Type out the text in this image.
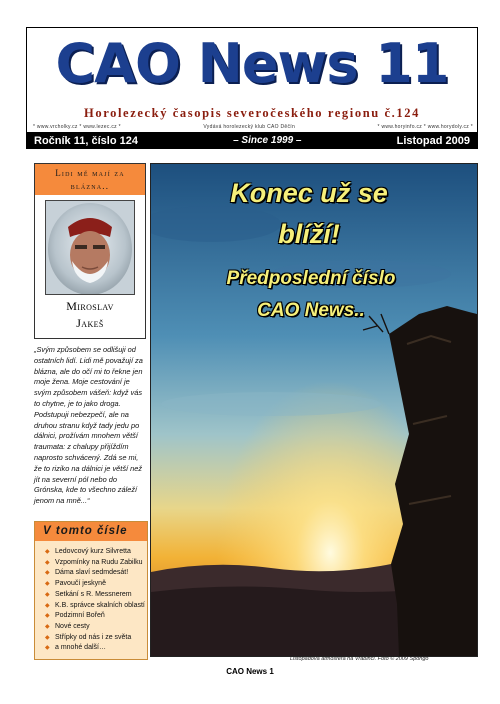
CAO News 11
Horolezecký časopis severočeského regionu č.124
* www.vrcholky.cz * www.lezec.cz *	Vydává horolezecký klub CAO Děčín	* www.horyinfo.cz * www.horydoly.cz *
Ročník 11, číslo 124	– Since 1999 –	Listopad 2009
Lidi mě mají za blázna..
Miroslav
Jakeš
„Svým způsobem se odlišuji od ostatních lidí. Lidi mě považují za blázna, ale do očí mi to řekne jen moje žena. Moje cestování je svým způsobem vášeň: když vás to chytne, je to jako droga. Podstupuji nebezpečí, ale na druhou stranu když tady jedu po dálnici, prožívám mnohem větší traumata: z chalupy přijíždím naprosto schvácený. Zdá se mi, že to riziko na dálnici je větší než jít na severní pól nebo do Grónska, kde to všechno záleží jenom na mně...“
V tomto čísle
◆ Ledovcový kurz Silvretta
◆ Vzpomínky na Rudu Zabilku
◆ Dáma slaví sedmdesát!
◆ Pavoučí jeskyně
◆ Setkání s R. Messnerem
◆ K.B. správce skalních oblastí
◆ Podzimní Bořeň
◆ Nové cesty
◆ Střípky od nás i ze světa
◆ a mnohé další…
Konec už se
blíží!
Předposlední číslo
CAO News..
Listopadová atmosféra na Vrabinci. Foto © 2009 Spongo
CAO News 1
